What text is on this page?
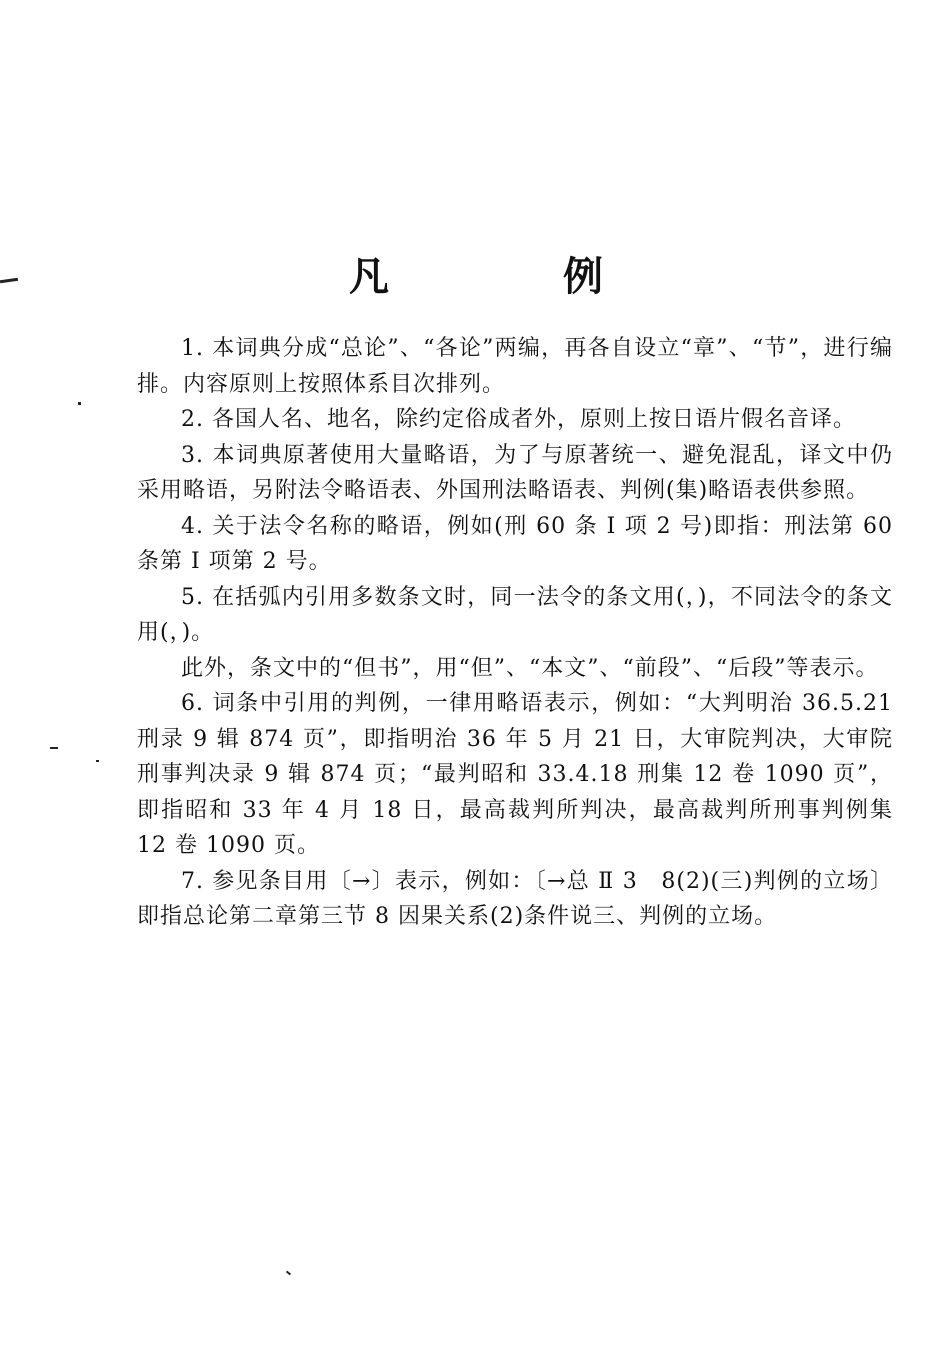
凡 例

1. 本词典分成“总论”、“各论”两编，再各自设立“章”、“节”，进行编排。内容原则上按照体系目次排列。

2. 各国人名、地名，除约定俗成者外，原则上按日语片假名音译。

3. 本词典原著使用大量略语，为了与原著统一、避免混乱，译文中仍采用略语，另附法令略语表、外国刑法略语表、判例(集)略语表供参照。

4. 关于法令名称的略语，例如(刑 60 条 I 项 2 号)即指：刑法第 60 条第 I 项第 2 号。

5. 在括弧内引用多数条文时，同一法令的条文用(，)，不同法令的条文用(，)。

此外，条文中的“但书”，用“但”、“本文”、“前段”、“后段”等表示。

6. 词条中引用的判例，一律用略语表示，例如：“大判明治 36.5.21 刑录 9 辑 874 页”，即指明治 36 年 5 月 21 日，大审院判决，大审院刑事判决录 9 辑 874 页；“最判昭和 33.4.18 刑集 12 卷 1090 页”，即指昭和 33 年 4 月 18 日，最高裁判所判决，最高裁判所刑事判例集 12 卷 1090 页。

7. 参见条目用〔→〕表示，例如：〔→总 Ⅱ 3　8(2)(三)判例的立场〕即指总论第二章第三节 8 因果关系(2)条件说三、判例的立场。
